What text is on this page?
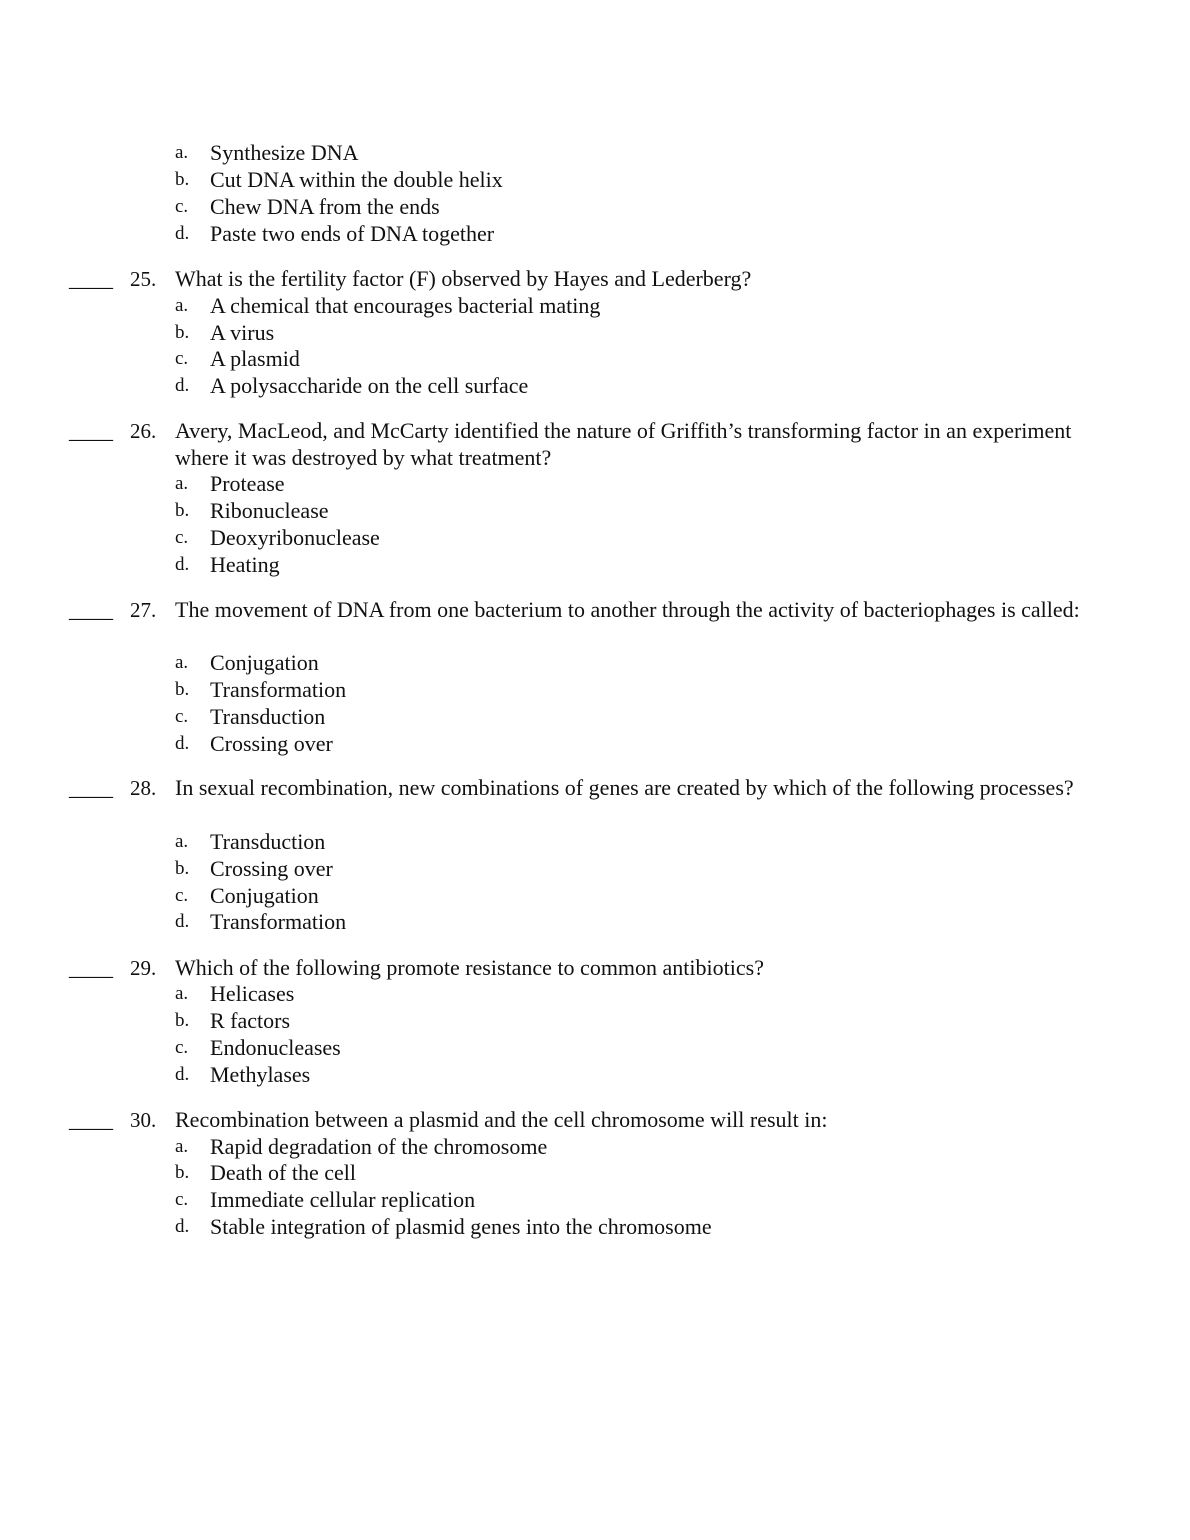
a. Synthesize DNA
b. Cut DNA within the double helix
c. Chew DNA from the ends
d. Paste two ends of DNA together
____ 25. What is the fertility factor (F) observed by Hayes and Lederberg?
a. A chemical that encourages bacterial mating
b. A virus
c. A plasmid
d. A polysaccharide on the cell surface
____ 26. Avery, MacLeod, and McCarty identified the nature of Griffith’s transforming factor in an experiment where it was destroyed by what treatment?
a. Protease
b. Ribonuclease
c. Deoxyribonuclease
d. Heating
____ 27. The movement of DNA from one bacterium to another through the activity of bacteriophages is called:
a. Conjugation
b. Transformation
c. Transduction
d. Crossing over
____ 28. In sexual recombination, new combinations of genes are created by which of the following processes?
a. Transduction
b. Crossing over
c. Conjugation
d. Transformation
____ 29. Which of the following promote resistance to common antibiotics?
a. Helicases
b. R factors
c. Endonucleases
d. Methylases
____ 30. Recombination between a plasmid and the cell chromosome will result in:
a. Rapid degradation of the chromosome
b. Death of the cell
c. Immediate cellular replication
d. Stable integration of plasmid genes into the chromosome
